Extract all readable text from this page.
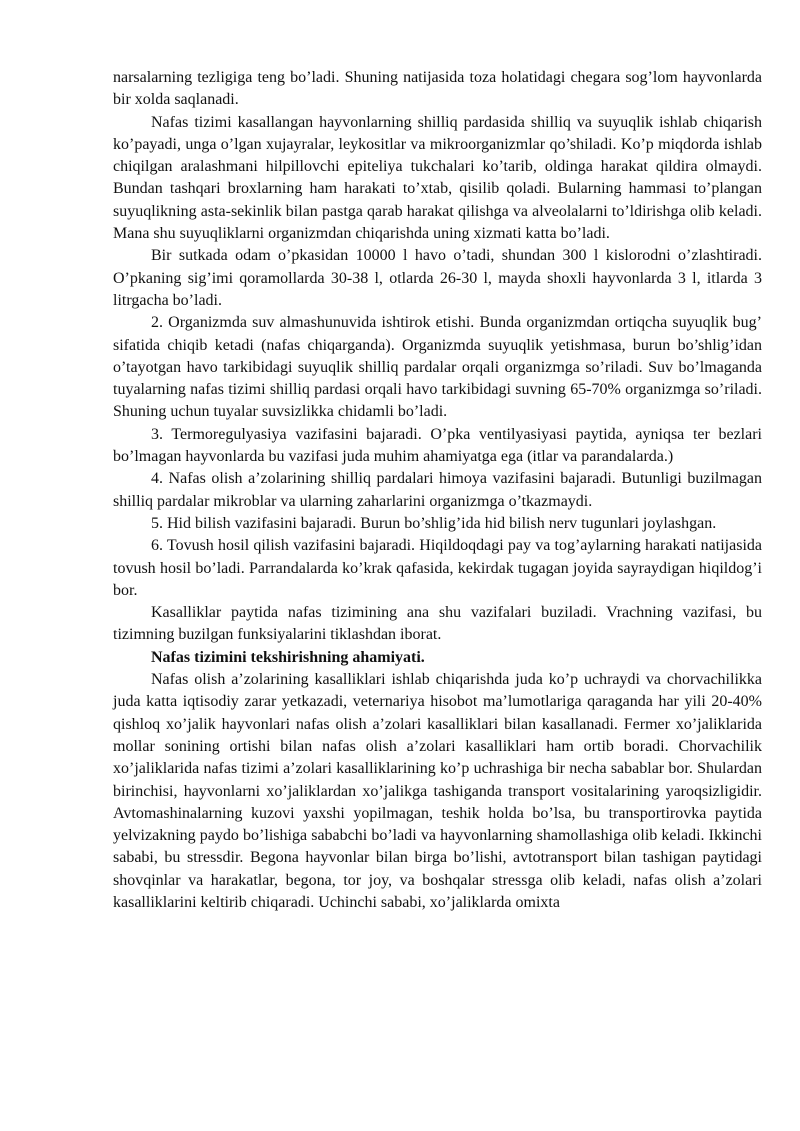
narsalarning tezligiga teng bo’ladi. Shuning natijasida toza holatidagi chegara sog’lom hayvonlarda bir xolda saqlanadi.

Nafas tizimi kasallangan hayvonlarning shilliq pardasida shilliq va suyuqlik ishlab chiqarish ko’payadi, unga o’lgan xujayralar, leykositlar va mikroorganizmlar qo’shiladi. Ko’p miqdorda ishlab chiqilgan aralashmani hilpillovchi epiteliya tukchalari ko’tarib, oldinga harakat qildira olmaydi. Bundan tashqari broxlarning ham harakati to’xtab, qisilib qoladi. Bularning hammasi to’plangan suyuqlikning asta-sekinlik bilan pastga qarab harakat qilishga va alveolalarni to’ldirishga olib keladi. Mana shu suyuqliklarni organizmdan chiqarishda uning xizmati katta bo’ladi.

Bir sutkada odam o’pkasidan 10000 l havo o’tadi, shundan 300 l kislorodni o’zlashtiradi. O’pkaning sig’imi qoramollarda 30-38 l, otlarda 26-30 l, mayda shoxli hayvonlarda 3 l, itlarda 3 litrgacha bo’ladi.

2. Organizmda suv almashunuvida ishtirok etishi. Bunda organizmdan ortiqcha suyuqlik bug’ sifatida chiqib ketadi (nafas chiqarganda). Organizmda suyuqlik yetishmasa, burun bo’shlig’idan o’tayotgan havo tarkibidagi suyuqlik shilliq pardalar orqali organizmga so’riladi. Suv bo’lmaganda tuyalarning nafas tizimi shilliq pardasi orqali havo tarkibidagi suvning 65-70% organizmga so’riladi. Shuning uchun tuyalar suvsizlikka chidamli bo’ladi.

3. Termoregulyasiya vazifasini bajaradi. O’pka ventilyasiyasi paytida, ayniqsa ter bezlari bo’lmagan hayvonlarda bu vazifasi juda muhim ahamiyatga ega (itlar va parandalarda.)

4. Nafas olish a’zolarining shilliq pardalari himoya vazifasini bajaradi. Butunligi buzilmagan shilliq pardalar mikroblar va ularning zaharlarini organizmga o’tkazmaydi.

5. Hid bilish vazifasini bajaradi. Burun bo’shlig’ida hid bilish nerv tugunlari joylashgan.

6. Tovush hosil qilish vazifasini bajaradi. Hiqildoqdagi pay va tog’aylarning harakati natijasida tovush hosil bo’ladi. Parrandalarda ko’krak qafasida, kekirdak tugagan joyida sayraydigan hiqildog’i bor.

Kasalliklar paytida nafas tizimining ana shu vazifalari buziladi. Vrachning vazifasi, bu tizimning buzilgan funksiyalarini tiklashdan iborat.

Nafas tizimini tekshirishning ahamiyati.

Nafas olish a’zolarining kasalliklari ishlab chiqarishda juda ko’p uchraydi va chorvachilikka juda katta iqtisodiy zarar yetkazadi, veternariya hisobot ma’lumotlariga qaraganda har yili 20-40% qishloq xo’jalik hayvonlari nafas olish a’zolari kasalliklari bilan kasallanadi. Fermer xo’jaliklarida mollar sonining ortishi bilan nafas olish a’zolari kasalliklari ham ortib boradi. Chorvachilik xo’jaliklarida nafas tizimi a’zolari kasalliklarining ko’p uchrashiga bir necha sabablar bor. Shulardan birinchisi, hayvonlarni xo’jaliklardan xo’jalikga tashiganda transport vositalarining yaroqsizligidir. Avtomashinalarning kuzovi yaxshi yopilmagan, teshik holda bo’lsa, bu transportirovka paytida yelvizakning paydo bo’lishiga sababchi bo’ladi va hayvonlarning shamollashiga olib keladi. Ikkinchi sababi, bu stressdir. Begona hayvonlar bilan birga bo’lishi, avtotransport bilan tashigan paytidagi shovqinlar va harakatlar, begona, tor joy, va boshqalar stressga olib keladi, nafas olish a’zolari kasalliklarini keltirib chiqaradi. Uchinchi sababi, xo’jaliklarda omixta
